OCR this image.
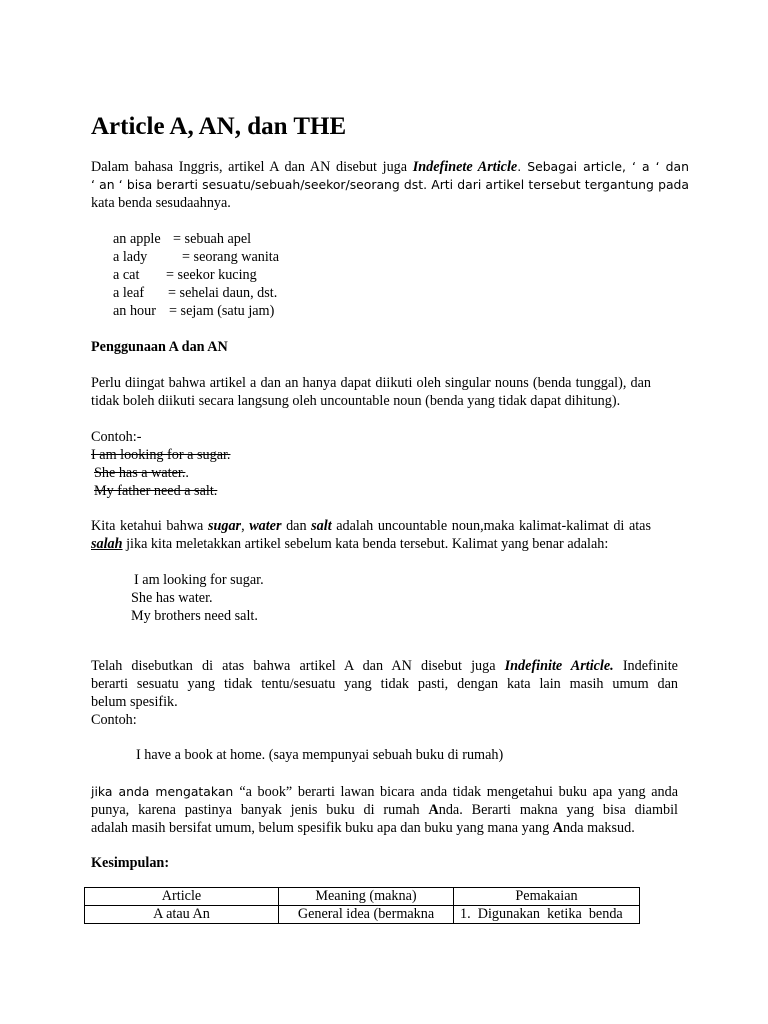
Article A, AN, dan THE
Dalam bahasa Inggris, artikel A dan AN disebut juga Indefinete Article. Sebagai article, ‘ a ‘ dan
‘ an ‘ bisa berarti sesuatu/sebuah/seekor/seorang dst. Arti dari artikel tersebut tergantung pada
kata benda sesudaahnya.
an apple = sebuah apel
a lady = seorang wanita
a cat = seekor kucing
a leaf = sehelai daun, dst.
an hour = sejam (satu jam)
Penggunaan A dan AN
Perlu diingat bahwa artikel a dan an hanya dapat diikuti oleh singular nouns (benda tunggal), dan
tidak boleh diikuti secara langsung oleh uncountable noun (benda yang tidak dapat dihitung).
Contoh:-
I am looking for a sugar.
She has a water..
My father need a salt.
Kita ketahui bahwa sugar, water dan salt adalah uncountable noun,maka kalimat-kalimat di atas
salah jika kita meletakkan artikel sebelum kata benda tersebut. Kalimat yang benar adalah:
I am looking for sugar.
She has water.
My brothers need salt.
Telah disebutkan di atas bahwa artikel A dan AN disebut juga Indefinite Article. Indefinite
berarti sesuatu yang tidak tentu/sesuatu yang tidak pasti, dengan kata lain masih umum dan
belum spesifik.
Contoh:
I have a book at home. (saya mempunyai sebuah buku di rumah)
jika anda mengatakan “a book” berarti lawan bicara anda tidak mengetahui buku apa yang anda
punya, karena pastinya banyak jenis buku di rumah Anda. Berarti makna yang bisa diambil
adalah masih bersifat umum, belum spesifik buku apa dan buku yang mana yang Anda maksud.
Kesimpulan:
Article	Meaning (makna)	Pemakaian
A atau An	General idea (bermakna	1.  Digunakan  ketika  benda
